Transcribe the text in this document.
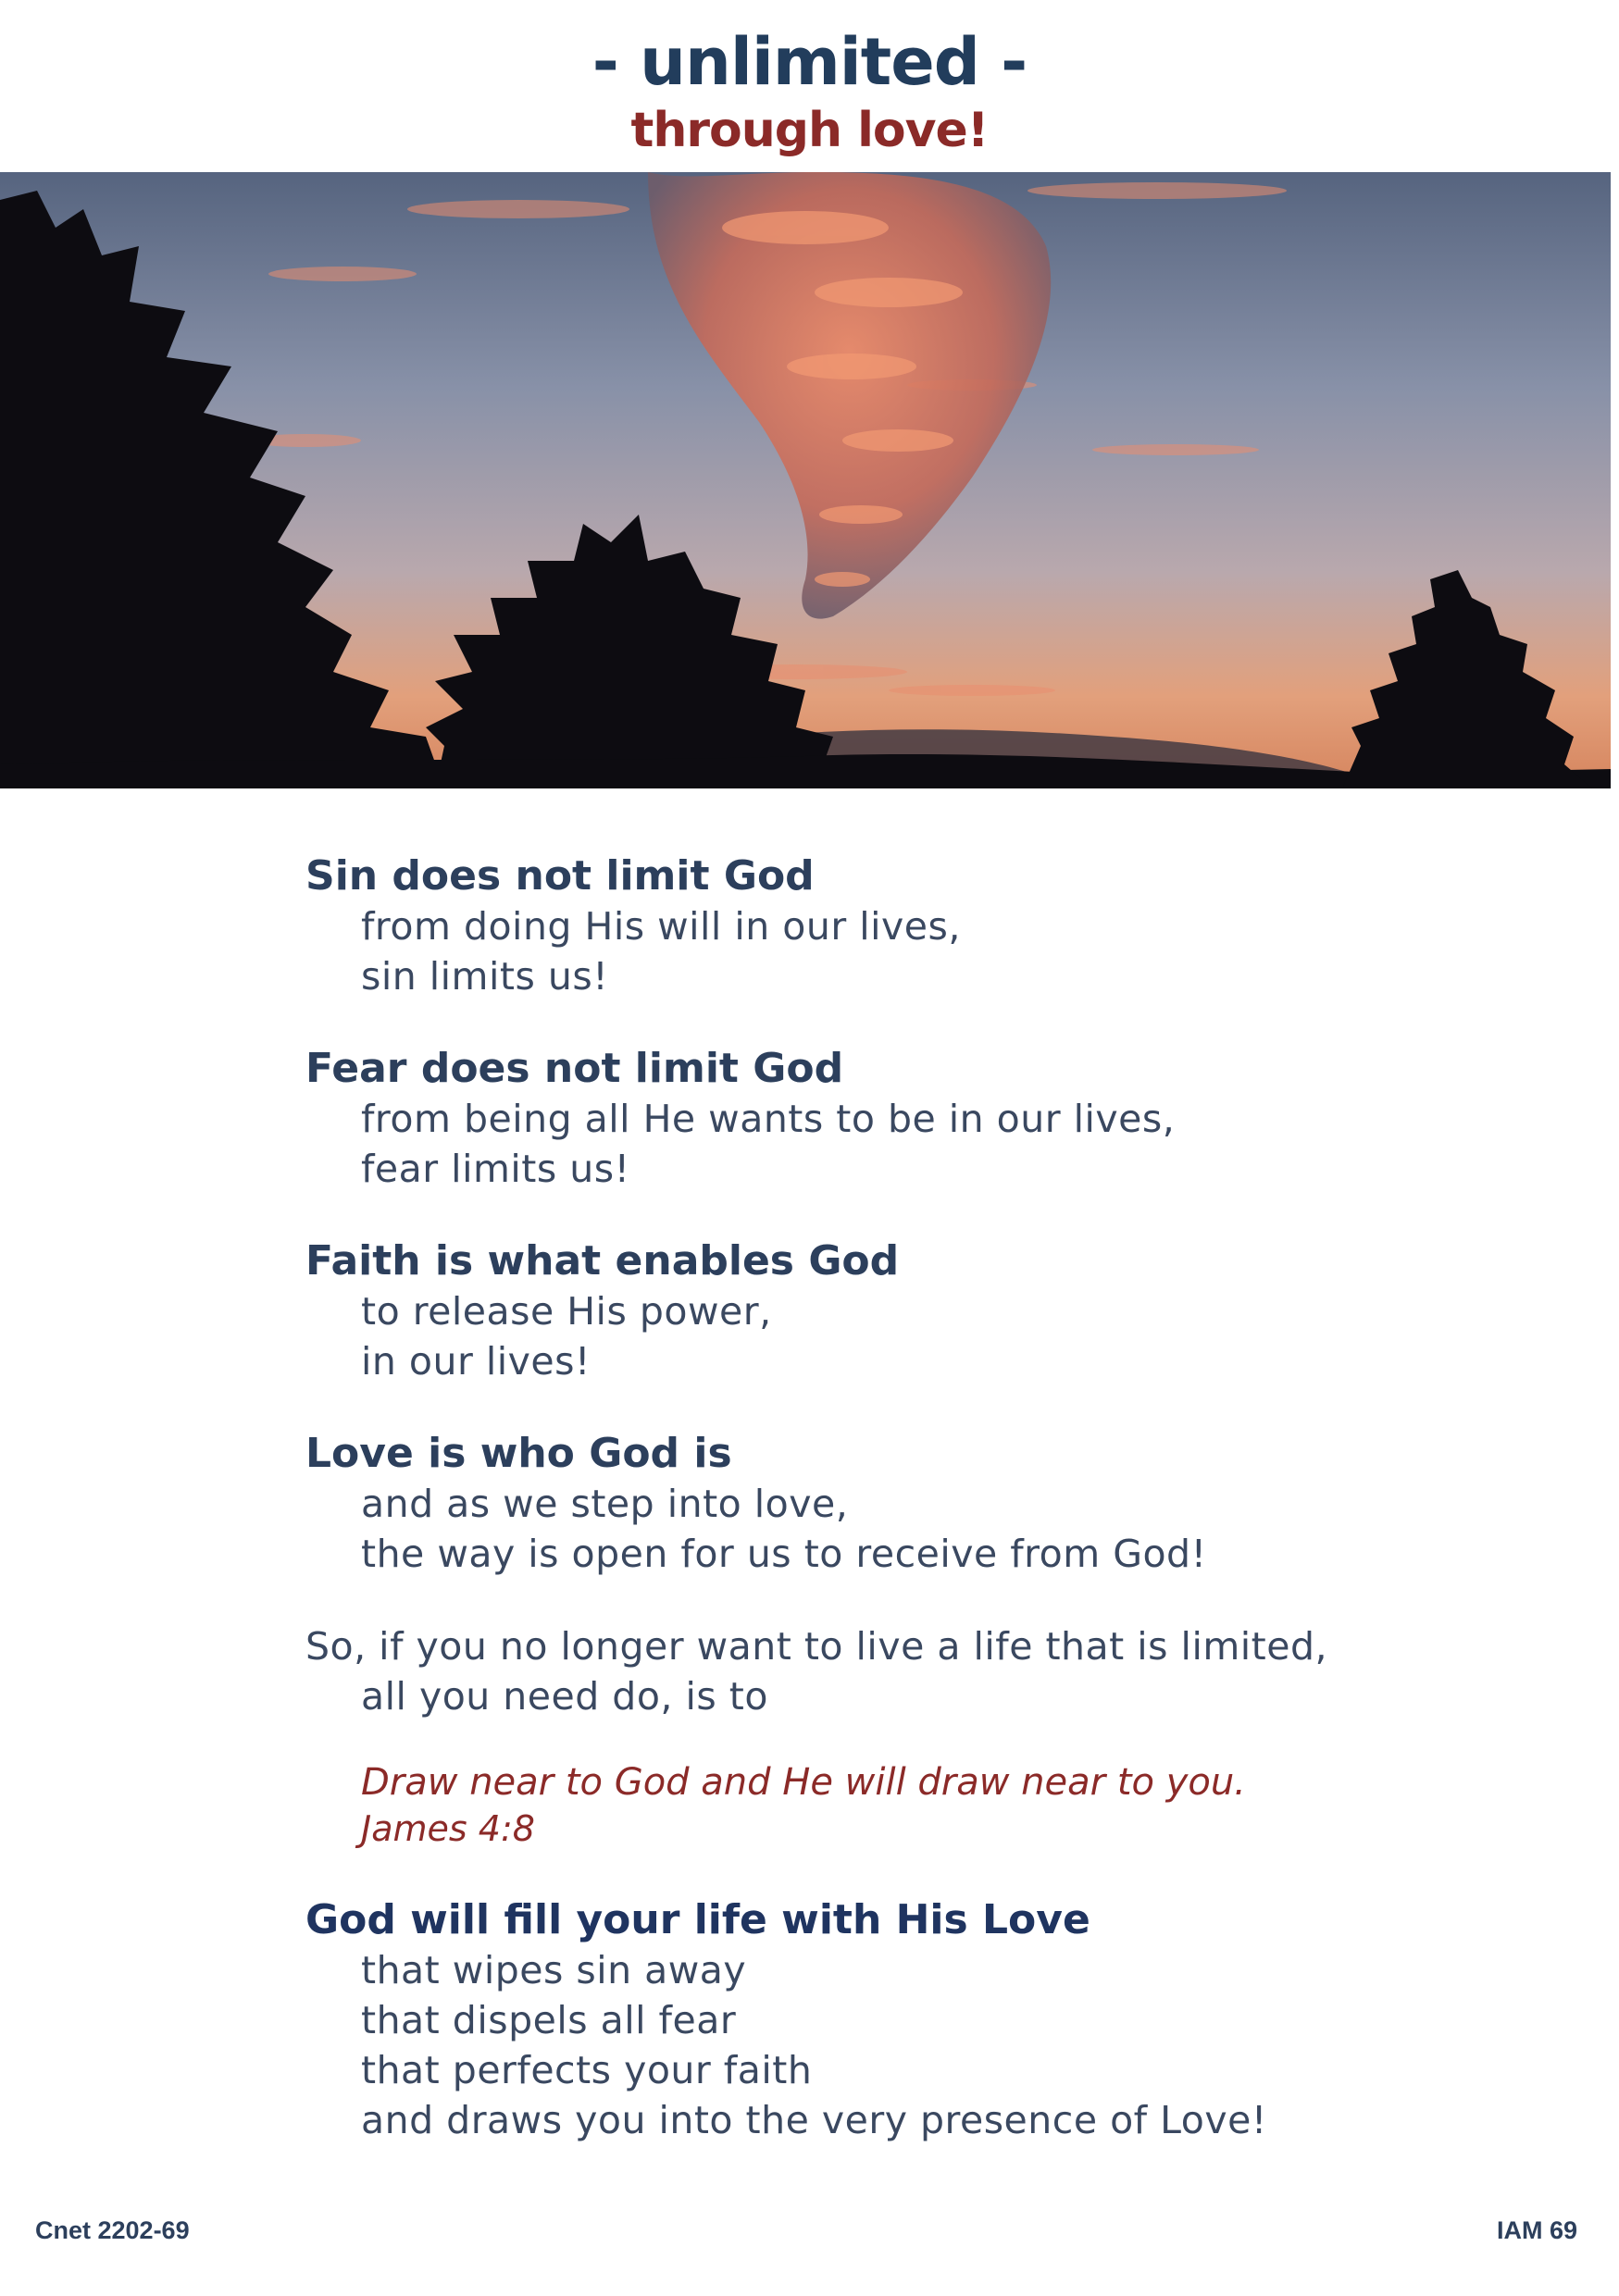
- unlimited -
through love!

Sin does not limit God

from doing His will in our lives,

sin limits us!

Fear does not limit God

from being all He wants to be in our lives,

fear limits us!

Faith is what enables God

to release His power,

in our lives!

Love is who God is

and as we step into love,

the way is open for us to receive from God!

So, if you no longer want to live a life that is limited,

all you need do, is to

Draw near to God and He will draw near to you.

James 4:8

God will fill your life with His Love

that wipes sin away

that dispels all fear

that perfects your faith

and draws you into the very presence of Love!

Cnet 2202-69	IAM 69
